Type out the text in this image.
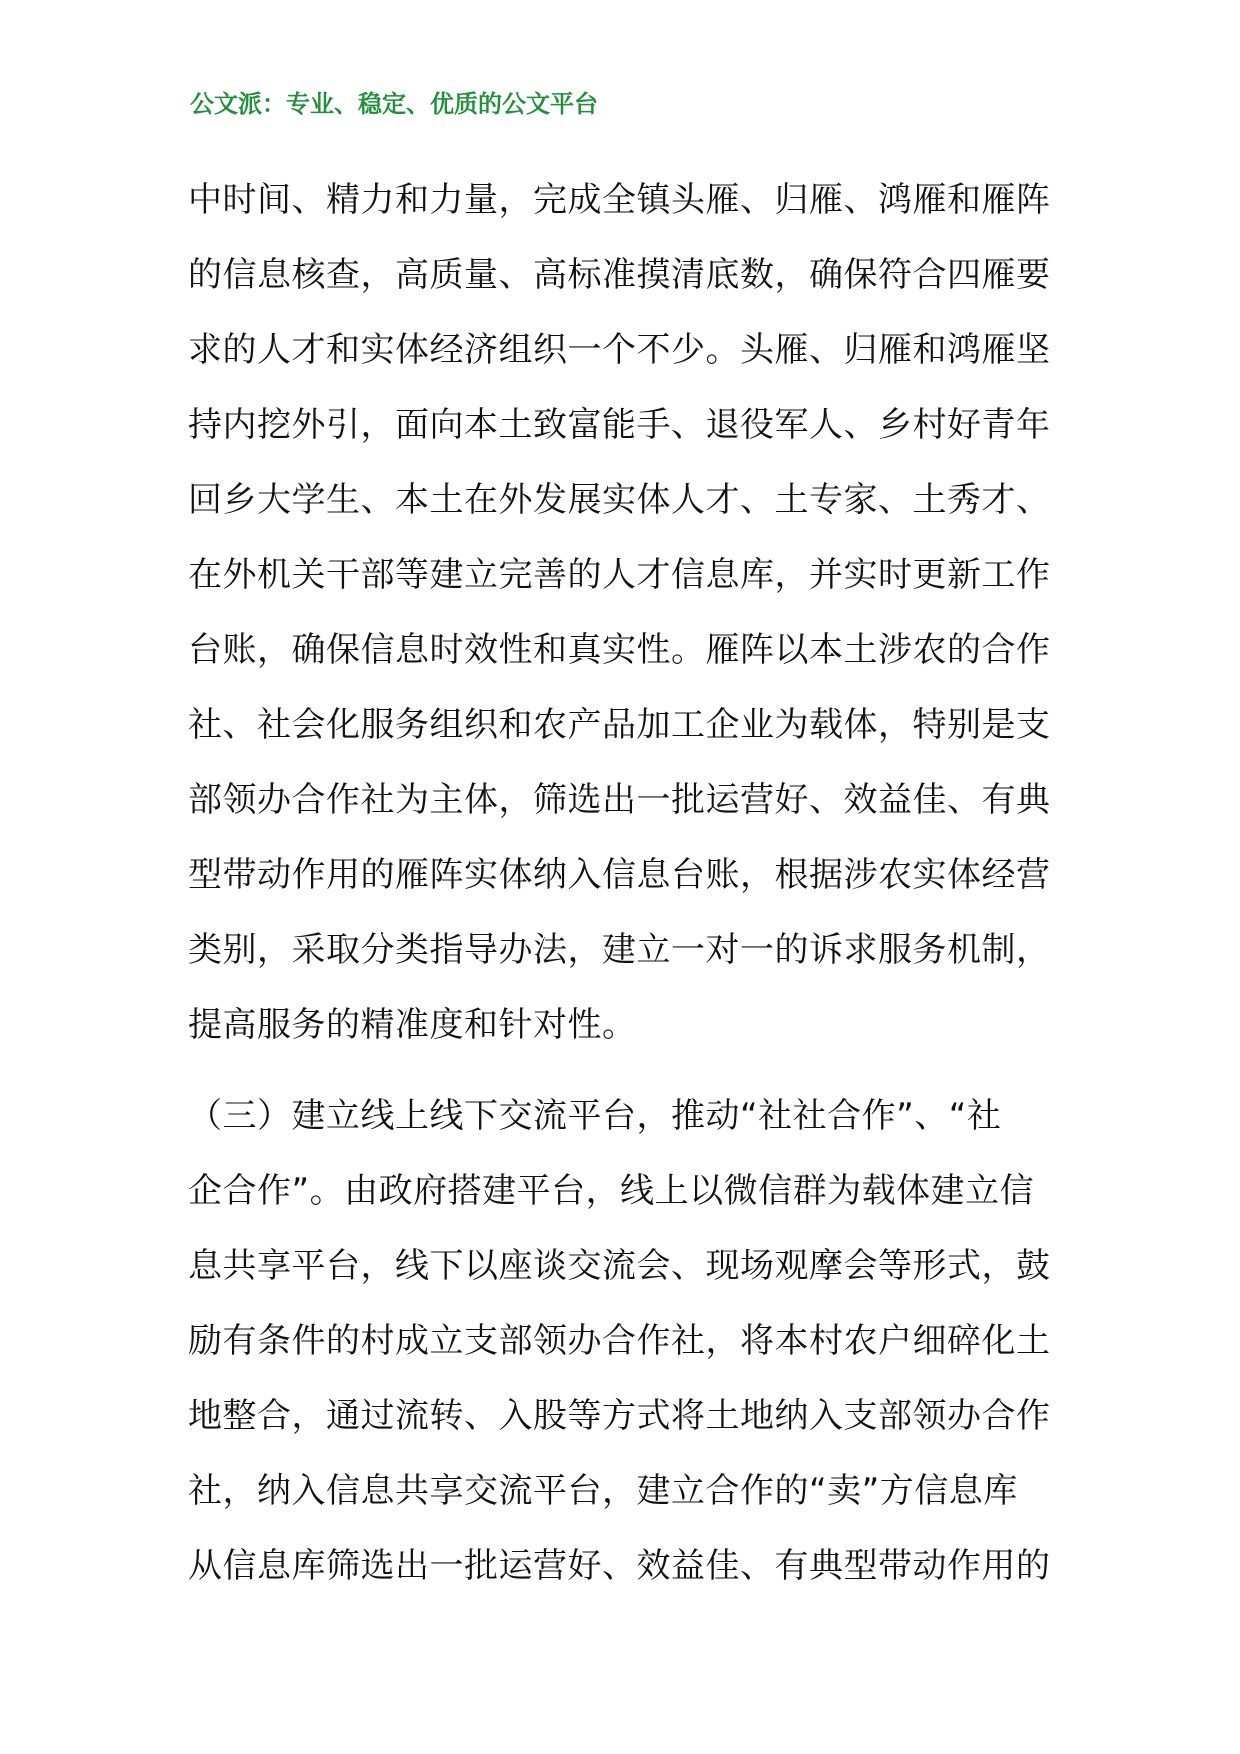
公文派：专业、稳定、优质的公文平台
中时间、精力和力量，完成全镇头雁、归雁、鸿雁和雁阵
的信息核查，高质量、高标准摸清底数，确保符合四雁要
求的人才和实体经济组织一个不少。头雁、归雁和鸿雁坚
持内挖外引，面向本土致富能手、退役军人、乡村好青年
回乡大学生、本土在外发展实体人才、土专家、土秀才、
在外机关干部等建立完善的人才信息库，并实时更新工作
台账，确保信息时效性和真实性。雁阵以本土涉农的合作
社、社会化服务组织和农产品加工企业为载体，特别是支
部领办合作社为主体，筛选出一批运营好、效益佳、有典
型带动作用的雁阵实体纳入信息台账，根据涉农实体经营
类别，采取分类指导办法，建立一对一的诉求服务机制，
提高服务的精准度和针对性。
（三）建立线上线下交流平台，推动“社社合作”、“社
企合作”。由政府搭建平台，线上以微信群为载体建立信
息共享平台，线下以座谈交流会、现场观摩会等形式，鼓
励有条件的村成立支部领办合作社，将本村农户细碎化土
地整合，通过流转、入股等方式将土地纳入支部领办合作
社，纳入信息共享交流平台，建立合作的“卖”方信息库
从信息库筛选出一批运营好、效益佳、有典型带动作用的
